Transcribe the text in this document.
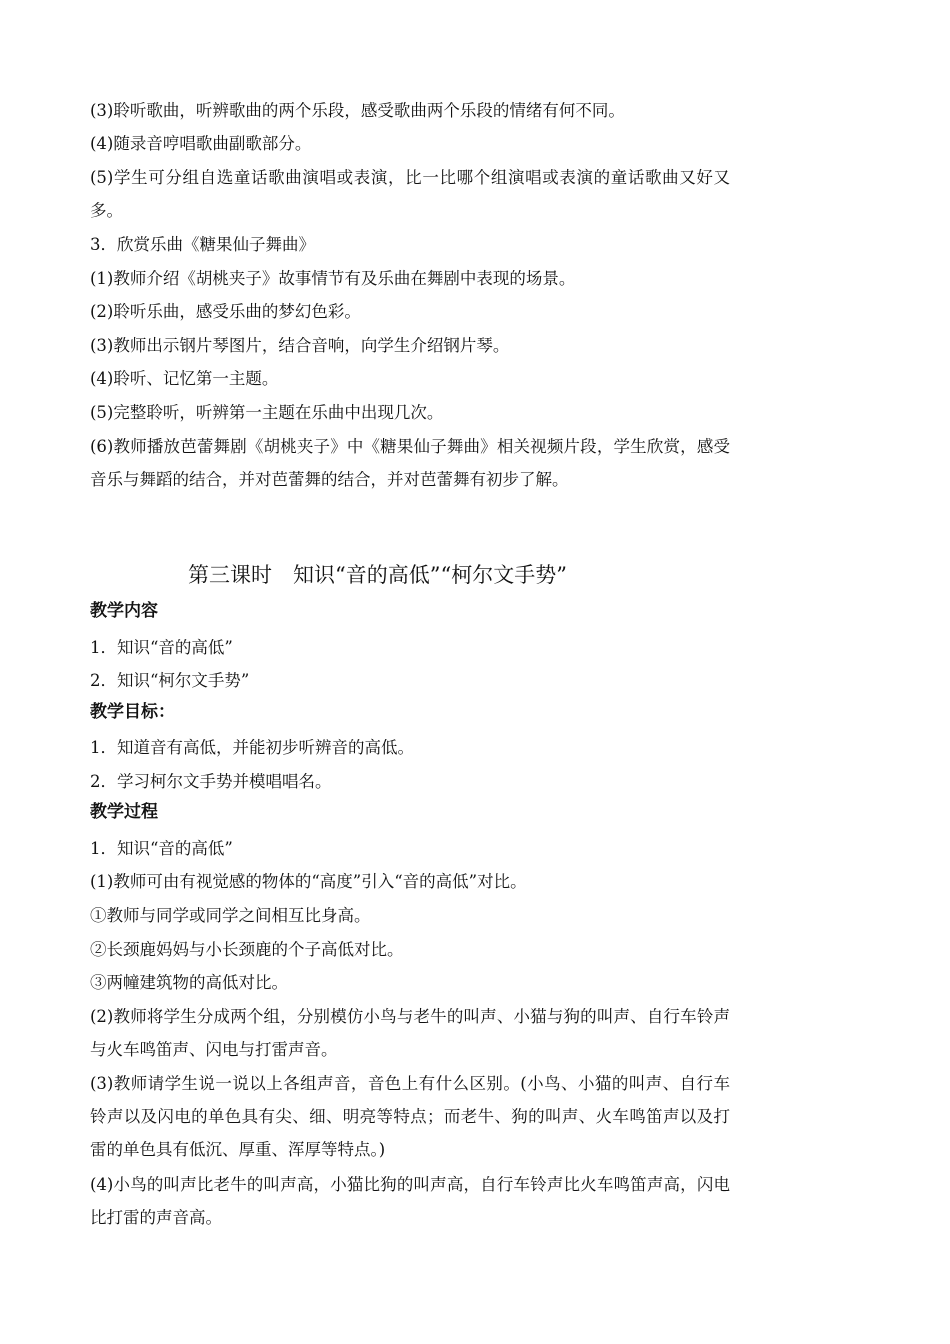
(3)聆听歌曲，听辨歌曲的两个乐段，感受歌曲两个乐段的情绪有何不同。
(4)随录音哼唱歌曲副歌部分。
(5)学生可分组自选童话歌曲演唱或表演，比一比哪个组演唱或表演的童话歌曲又好又多。
3．欣赏乐曲《糖果仙子舞曲》
(1)教师介绍《胡桃夹子》故事情节有及乐曲在舞剧中表现的场景。
(2)聆听乐曲，感受乐曲的梦幻色彩。
(3)教师出示钢片琴图片，结合音响，向学生介绍钢片琴。
(4)聆听、记忆第一主题。
(5)完整聆听，听辨第一主题在乐曲中出现几次。
(6)教师播放芭蕾舞剧《胡桃夹子》中《糖果仙子舞曲》相关视频片段，学生欣赏，感受音乐与舞蹈的结合，并对芭蕾舞的结合，并对芭蕾舞有初步了解。
第三课时　知识“音的高低”“柯尔文手势”
教学内容
1．知识“音的高低”
2．知识“柯尔文手势”
教学目标：
1．知道音有高低，并能初步听辨音的高低。
2．学习柯尔文手势并模唱唱名。
教学过程
1．知识“音的高低”
(1)教师可由有视觉感的物体的“高度”引入“音的高低”对比。
①教师与同学或同学之间相互比身高。
②长颈鹿妈妈与小长颈鹿的个子高低对比。
③两幢建筑物的高低对比。
(2)教师将学生分成两个组，分别模仿小鸟与老牛的叫声、小猫与狗的叫声、自行车铃声与火车鸣笛声、闪电与打雷声音。
(3)教师请学生说一说以上各组声音，音色上有什么区别。(小鸟、小猫的叫声、自行车铃声以及闪电的单色具有尖、细、明亮等特点；而老牛、狗的叫声、火车鸣笛声以及打雷的单色具有低沉、厚重、浑厚等特点。)
(4)小鸟的叫声比老牛的叫声高，小猫比狗的叫声高，自行车铃声比火车鸣笛声高，闪电比打雷的声音高。
